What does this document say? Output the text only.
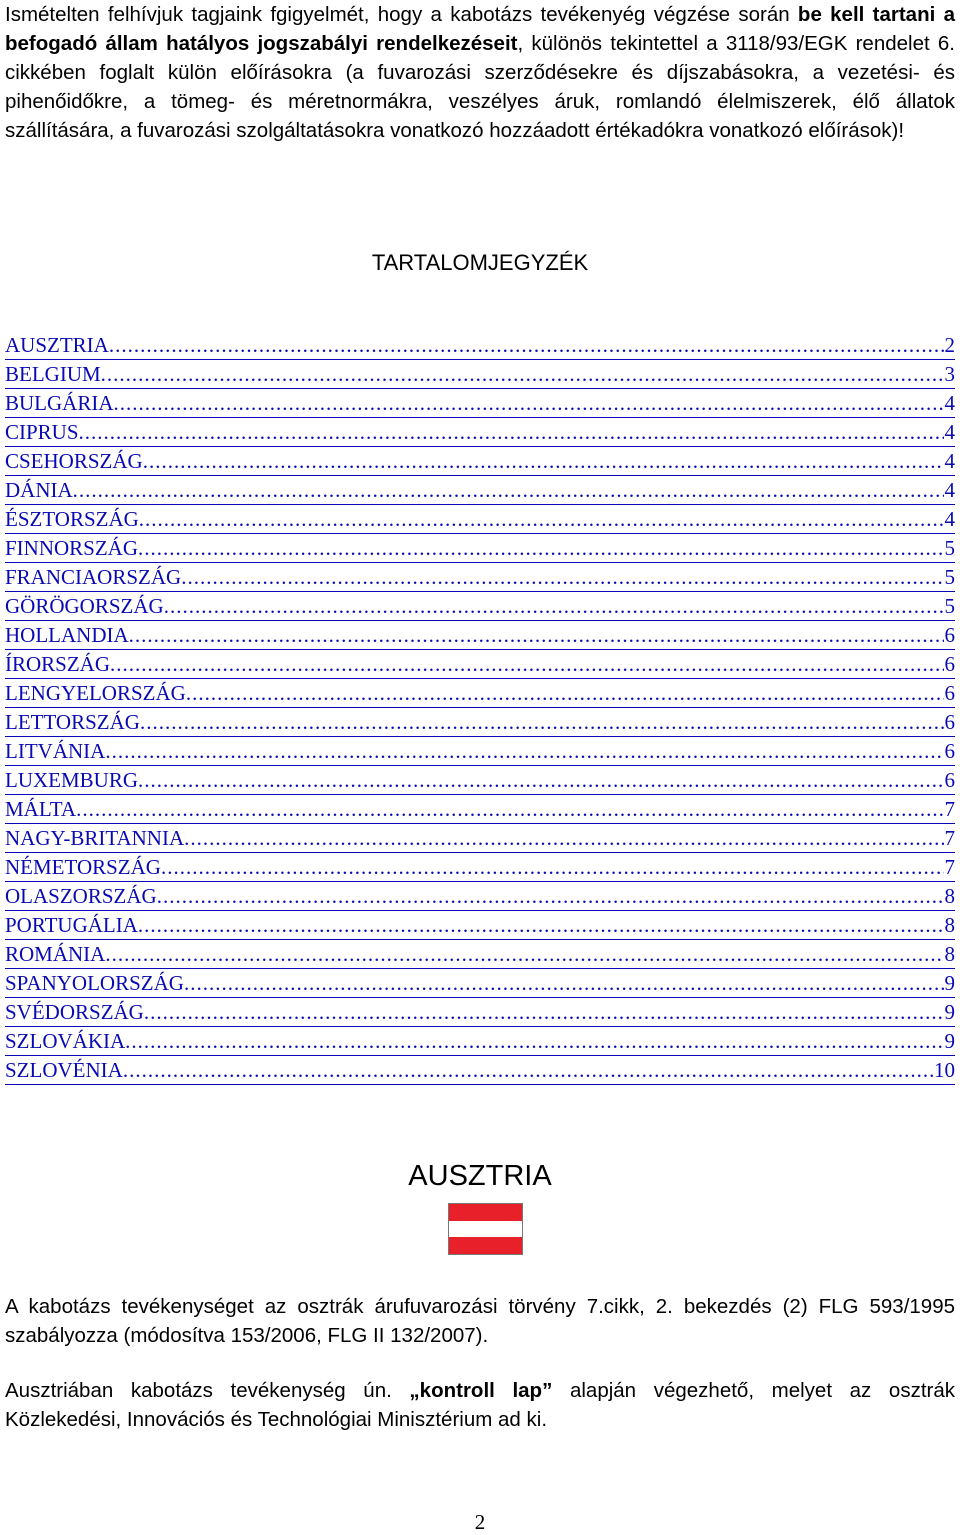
Ismételten felhívjuk tagjaink fgigyelmét, hogy a kabotázs tevékenyég végzése során be kell tartani a befogadó állam hatályos jogszabályi rendelkezéseit, különös tekintettel a 3118/93/EGK rendelet 6. cikkében foglalt külön előírásokra (a fuvarozási szerződésekre és díjszabásokra, a vezetési- és pihenőidőkre, a tömeg- és méretnormákra, veszélyes áruk, romlandó élelmiszerek, élő állatok szállítására, a fuvarozási szolgáltatásokra vonatkozó hozzáadott értékadókra vonatkozó előírások)!

TARTALOMJEGYZÉK
AUSZTRIA .....	2
BELGIUM .....	3
BULGÁRIA .....	4
CIPRUS .....	4
CSEHORSZÁG .....	4
DÁNIA .....	4
ÉSZTORSZÁG .....	4
FINNORSZÁG .....	5
FRANCIAORSZÁG .....	5
GÖRÖGORSZÁG .....	5
HOLLANDIA .....	6
ÍRORSZÁG .....	6
LENGYELORSZÁG .....	6
LETTORSZÁG .....	6
LITVÁNIA .....	6
LUXEMBURG .....	6
MÁLTA .....	7
NAGY-BRITANNIA .....	7
NÉMETORSZÁG .....	7
OLASZORSZÁG .....	8
PORTUGÁLIA .....	8
ROMÁNIA .....	8
SPANYOLORSZÁG .....	9
SVÉDORSZÁG .....	9
SZLOVÁKIA .....	9
SZLOVÉNIA .....	10
AUSZTRIA

A kabotázs tevékenységet az osztrák árufuvarozási törvény 7.cikk, 2. bekezdés (2) FLG 593/1995 szabályozza (módosítva 153/2006, FLG II 132/2007).

Ausztriában kabotázs tevékenység ún. „kontroll lap” alapján végezhető, melyet az osztrák Közlekedési, Innovációs és Technológiai Minisztérium ad ki.

2
